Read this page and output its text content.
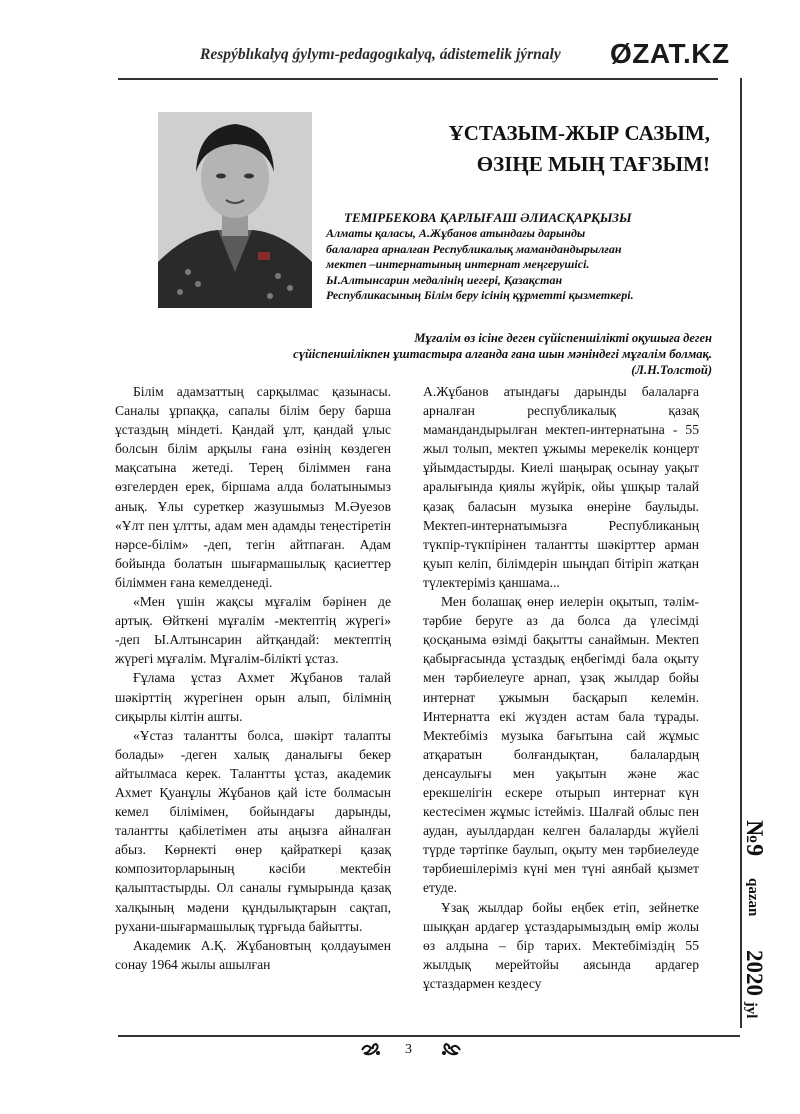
Respýblıkalyq ǵylymı-pedagogıkalyq, ádistemelik jýrnaly ØZAT.KZ
ҰСТАЗЫМ-ЖЫР САЗЫМ,
ӨЗІҢЕ МЫҢ ТАҒЗЫМ!
ТЕМІРБЕКОВА ҚАРЛЫҒАШ ӘЛИАСҚАРҚЫЗЫ
Алматы қаласы, А.Жұбанов атындағы дарынды
балаларға арналған Республикалық мамандандырылған
мектеп –интернатының интернат меңгерушісі.
Ы.Алтынсарин медалінің иегері, Қазақстан
Республикасының Білім беру ісінің құрметті қызметкері.
Мұғалім өз ісіне деген сүйіспеншілікті оқушыға деген
сүйіспеншілікпен ұштастыра алғанда ғана шын мәніндегі мұғалім болмақ.
(Л.Н.Толстой)

Білім адамзаттың сарқылмас қазынасы. Саналы ұрпаққа, сапалы білім беру барша ұстаздың міндеті. Қандай ұлт, қандай ұлыс болсын білім арқылы ғана өзінің көздеген мақсатына жетеді. Терең біліммен ғана өзгелерден ерек, біршама алда болатынымыз анық. Ұлы суреткер жазушымыз М.Әуезов «Ұлт пен ұлтты, адам мен адамды теңестіретін нәрсе-білім» -деп, тегін айтпаған. Адам бойында болатын шығармашылық қасиеттер біліммен ғана кемелденеді.

«Мен үшін жақсы мұғалім бәрінен де артық. Өйткені мұғалім -мектептің жүрегі» -деп Ы.Алтынсарин айтқандай: мектептің жүрегі мұғалім. Мұғалім-білікті ұстаз.

Ғұлама ұстаз Ахмет Жұбанов талай шәкірттің жүрегінен орын алып, білімнің сиқырлы кілтін ашты.

«Ұстаз талантты болса, шәкірт талапты болады» -деген халық даналығы бекер айтылмаса керек. Талантты ұстаз, академик Ахмет Қуанұлы Жұбанов қай істе болмасын кемел білімімен, бойындағы дарынды, талантты қабілетімен аты аңызға айналған абыз. Көрнекті өнер қайраткері қазақ композиторларының кәсіби мектебін қалыптастырды. Ол саналы ғұмырында қазақ халқының мәдени құндылықтарын сақтап, рухани-шығармашылық тұрғыда байытты.

Академик А.Қ. Жұбановтың қолдауымен сонау 1964 жылы ашылған

А.Жұбанов атындағы дарынды балаларға арналған республикалық қазақ мамандандырылған мектеп-интернатына - 55 жыл толып, мектеп ұжымы мерекелік концерт ұйымдастырды. Киелі шаңырақ осынау уақыт аралығында қиялы жүйрік, ойы ұшқыр талай қазақ баласын музыка өнеріне баулыды. Мектеп-интернатымызға Республиканың түкпір-түкпірінен талантты шәкірттер арман қуып келіп, білімдерін шыңдап бітіріп жатқан түлектеріміз қаншама...

Мен болашақ өнер иелерін оқытып, тәлім-тәрбие беруге аз да болса да үлесімді қосқаныма өзімді бақытты санаймын. Мектеп қабырғасында ұстаздық еңбегімді бала оқыту мен тәрбиелеуге арнап, ұзақ жылдар бойы интернат ұжымын басқарып келемін. Интернатта екі жүзден астам бала тұрады. Мектебіміз музыка бағытына сай жұмыс атқаратын болғандықтан, балалардың денсаулығы мен уақытын және жас ерекшелігін ескере отырып интернат күн кестесімен жұмыс істейміз. Шалғай облыс пен аудан, ауылдардан келген балаларды жүйелі түрде тәртіпке баулып, оқыту мен тәрбиелеуде тәрбиешілеріміз күні мен түні аянбай қызмет етуде.

Ұзақ жылдар бойы еңбек етіп, зейнетке шыққан ардагер ұстаздарымыздың өмір жолы өз алдына – бір тарих. Мектебіміздің 55 жылдық мерейтойы аясында ардагер ұстаздармен кездесу

№9
qazan
2020 jyl
3
